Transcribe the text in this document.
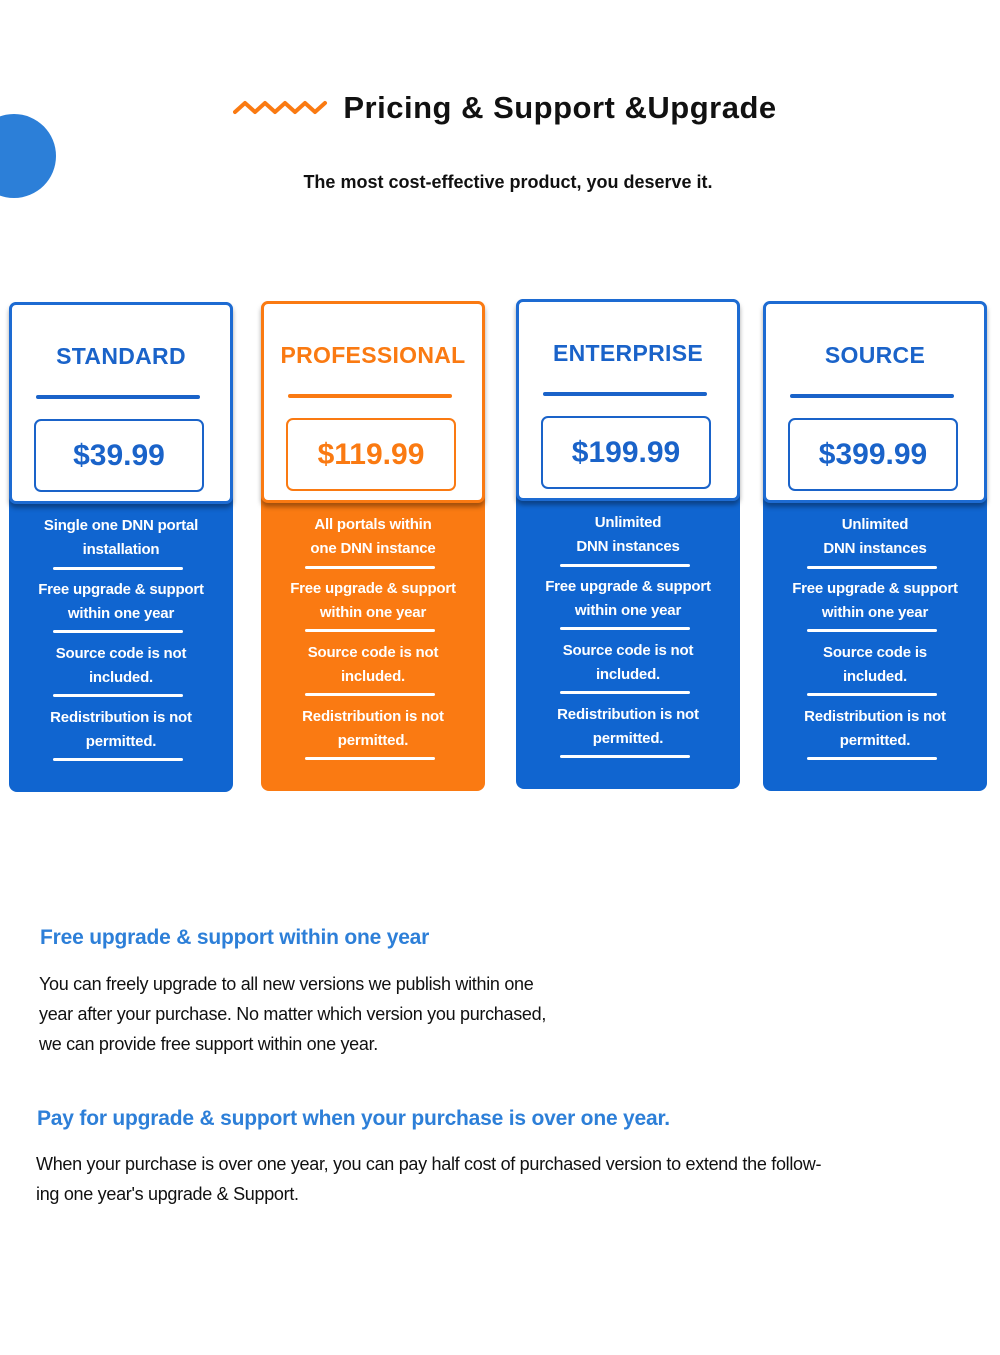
Pricing & Support &Upgrade
The most cost-effective product, you deserve it.
STANDARD
$39.99
Single one DNN portal
installation
Free upgrade & support
within one year
Source code is not
included.
Redistribution is not
permitted.
PROFESSIONAL
$119.99
All portals within
one DNN instance
Free upgrade & support
within one year
Source code is not
included.
Redistribution is not
permitted.
ENTERPRISE
$199.99
Unlimited
DNN instances
Free upgrade & support
within one year
Source code is not
included.
Redistribution is not
permitted.
SOURCE
$399.99
Unlimited
DNN instances
Free upgrade & support
within one year
Source code is
included.
Redistribution is not
permitted.
Free upgrade & support within one year
You can freely upgrade to all new versions we publish within one
year after your purchase. No matter which version you purchased,
we can provide free support within one year.
Pay for upgrade & support when your purchase is over one year.
When your purchase is over one year, you can pay half cost of purchased version to extend the follow-
ing one year's upgrade & Support.
